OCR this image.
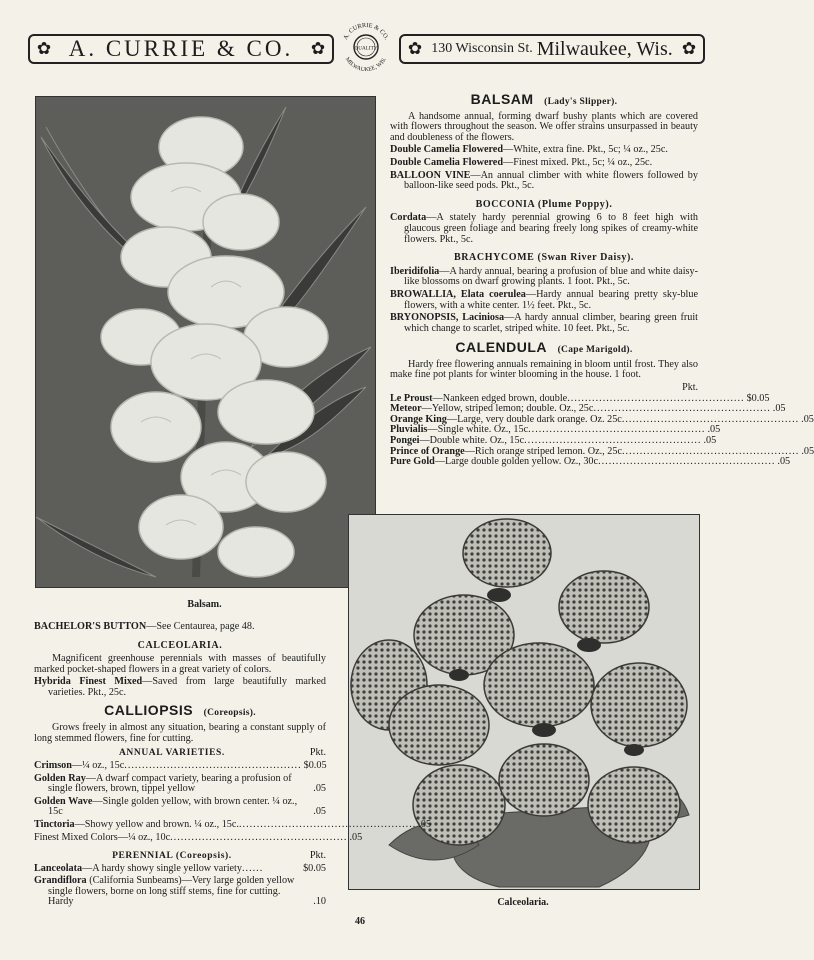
✿ A. CURRIE & CO. ✿
A. CURRIE & CO.
MILWAUKEE, WIS.
QUALITY ✿ 130 Wisconsin St. Milwaukee, Wis. ✿
Balsam.
Calceolaria.
BALSAM (Lady's Slipper).

A handsome annual, forming dwarf bushy plants which are covered with flowers throughout the season. We offer strains unsurpassed in beauty and doubleness of the flowers.

Double Camelia Flowered—White, extra fine. Pkt., 5c; ¼ oz., 25c.

Double Camelia Flowered—Finest mixed. Pkt., 5c; ¼ oz., 25c.

BALLOON VINE—An annual climber with white flowers followed by balloon-like seed pods. Pkt., 5c.

BOCCONIA (Plume Poppy).

Cordata—A stately hardy perennial growing 6 to 8 feet high with glaucous green foliage and bearing freely long spikes of creamy-white flowers. Pkt., 5c.

BRACHYCOME (Swan River Daisy).

Iberidifolia—A hardy annual, bearing a profusion of blue and white daisy-like blossoms on dwarf growing plants. 1 foot. Pkt., 5c.

BROWALLIA, Elata coerulea—Hardy annual bearing pretty sky-blue flowers, with a white center. 1½ feet. Pkt., 5c.

BRYONOPSIS, Laciniosa—A hardy annual climber, bearing green fruit which change to scarlet, striped white. 10 feet. Pkt., 5c.

CALENDULA (Cape Marigold).

Hardy free flowering annuals remaining in bloom until frost. They also make fine pot plants for winter blooming in the house. 1 foot.

Pkt.
Le Proust—Nankeen edged brown, double .................................................. $0.05
Meteor—Yellow, striped lemon; double. Oz., 25c .................................................. .05
Orange King—Large, very double dark orange. Oz. 25c .................................................. .05
Pluvialis—Single white. Oz., 15c .................................................. .05
Pongei—Double white. Oz., 15c .................................................. .05
Prince of Orange—Rich orange striped lemon. Oz., 25c .................................................. .05
Pure Gold—Large double golden yellow. Oz., 30c .................................................. .05

BACHELOR'S BUTTON—See Centaurea, page 48.

CALCEOLARIA.

Magnificent greenhouse perennials with masses of beautifully marked pocket-shaped flowers in a great variety of colors.

Hybrida Finest Mixed—Saved from large beautifully marked varieties. Pkt., 25c.

CALLIOPSIS (Coreopsis).

Grows freely in almost any situation, bearing a constant supply of long stemmed flowers, fine for cutting.

ANNUAL VARIETIES.	Pkt.
Crimson—¼ oz., 15c .................................................. $0.05
Golden Ray—A dwarf compact variety, bearing a profusion of single flowers, brown, tippel yellow	.05
Golden Wave—Single golden yellow, with brown center. ¼ oz., 15c	.05
Tinctoria—Showy yellow and brown. ¼ oz., 15c. .................................................. .05
Finest Mixed Colors—¼ oz., 10c .................................................. .05
PERENNIAL (Coreopsis).	Pkt.
Lanceolata—A hardy showy single yellow variety ......	$0.05
Grandiflora (California Sunbeams)—Very large golden yellow single flowers, borne on long stiff stems, fine for cutting. Hardy	.10
46
